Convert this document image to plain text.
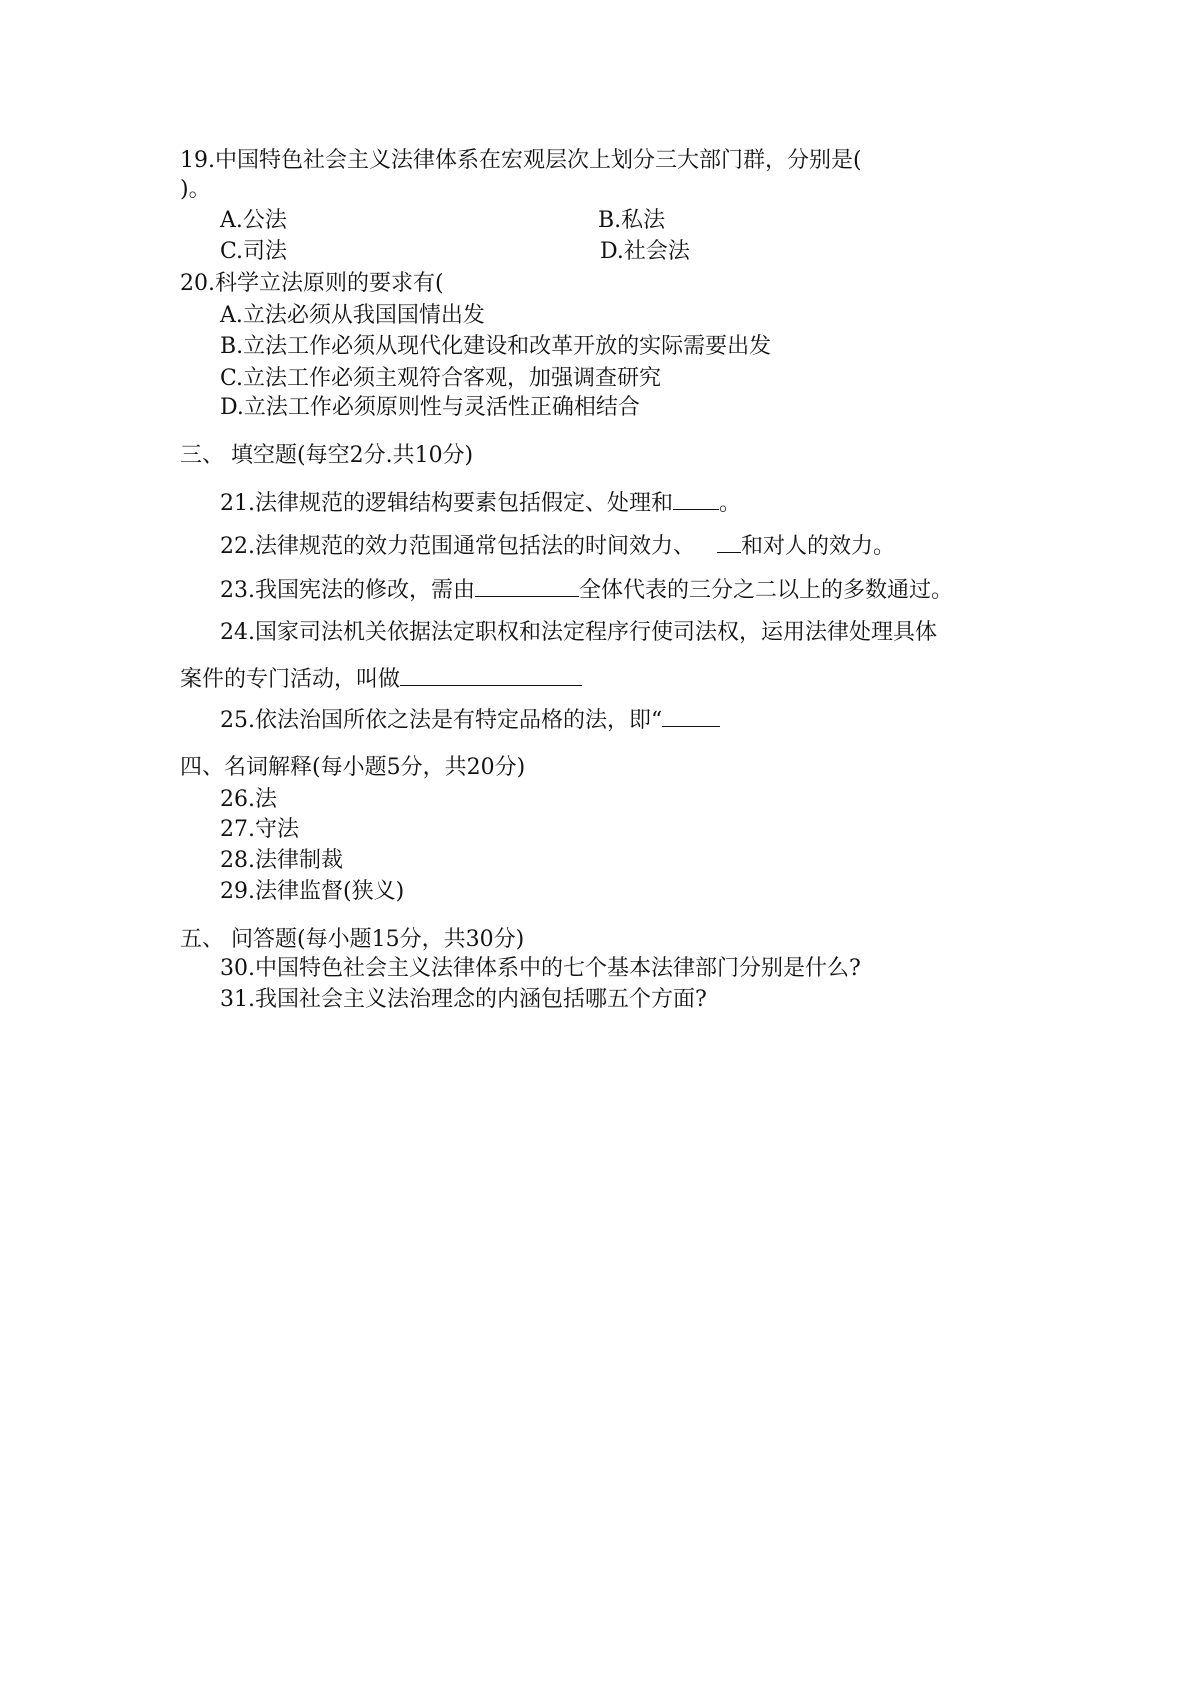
19.中国特色社会主义法律体系在宏观层次上划分三大部门群，分别是(
)。
A.公法	B.私法
C.司法	D.社会法
20.科学立法原则的要求有(
A.立法必须从我国国情出发
B.立法工作必须从现代化建设和改革开放的实际需要出发
C.立法工作必须主观符合客观，加强调查研究
D.立法工作必须原则性与灵活性正确相结合
三、 填空题(每空2分.共10分)
21.法律规范的逻辑结构要素包括假定、处理和 。
22.法律规范的效力范围通常包括法的时间效力、 和对人的效力。
23.我国宪法的修改，需由	全体代表的三分之二以上的多数通过。
24.国家司法机关依据法定职权和法定程序行使司法权，运用法律处理具体
案件的专门活动，叫做
25.依法治国所依之法是有特定品格的法，即“
四、名词解释(每小题5分，共20分)
26.法
27.守法
28.法律制裁
29.法律监督(狭义)
五、 问答题(每小题15分，共30分)
30.中国特色社会主义法律体系中的七个基本法律部门分别是什么?
31.我国社会主义法治理念的内涵包括哪五个方面?
